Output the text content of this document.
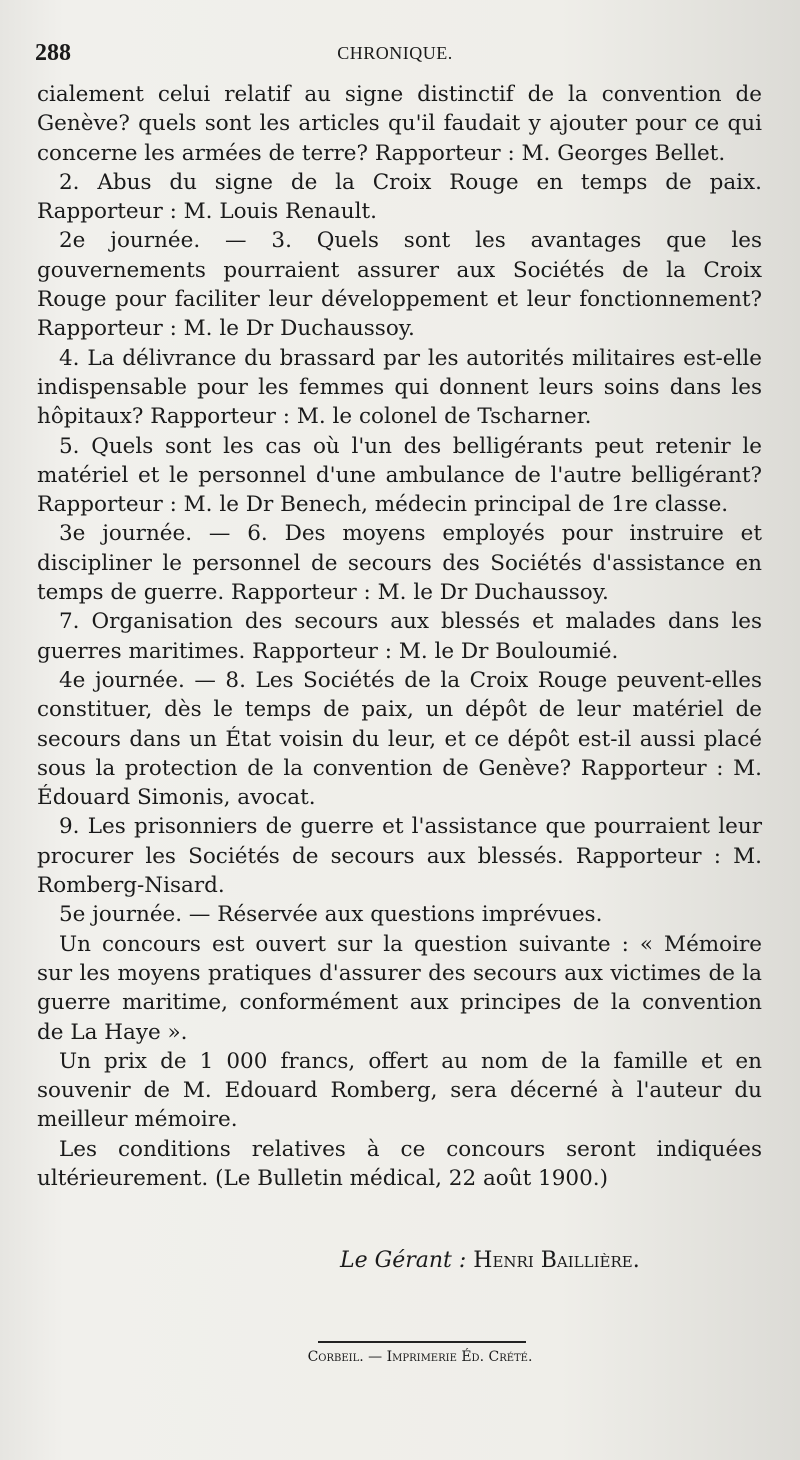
288	CHRONIQUE.

cialement celui relatif au signe distinctif de la convention de Genève? quels sont les articles qu'il faudait y ajouter pour ce qui concerne les armées de terre? Rapporteur : M. Georges Bellet.

2. Abus du signe de la Croix Rouge en temps de paix. Rapporteur : M. Louis Renault.

2e journée. — 3. Quels sont les avantages que les gouvernements pourraient assurer aux Sociétés de la Croix Rouge pour faciliter leur développement et leur fonctionnement? Rapporteur : M. le Dr Duchaussoy.

4. La délivrance du brassard par les autorités militaires est-elle indispensable pour les femmes qui donnent leurs soins dans les hôpitaux? Rapporteur : M. le colonel de Tscharner.

5. Quels sont les cas où l'un des belligérants peut retenir le matériel et le personnel d'une ambulance de l'autre belligérant? Rapporteur : M. le Dr Benech, médecin principal de 1re classe.

3e journée. — 6. Des moyens employés pour instruire et discipliner le personnel de secours des Sociétés d'assistance en temps de guerre. Rapporteur : M. le Dr Duchaussoy.

7. Organisation des secours aux blessés et malades dans les guerres maritimes. Rapporteur : M. le Dr Bouloumié.

4e journée. — 8. Les Sociétés de la Croix Rouge peuvent-elles constituer, dès le temps de paix, un dépôt de leur matériel de secours dans un État voisin du leur, et ce dépôt est-il aussi placé sous la protection de la convention de Genève? Rapporteur : M. Édouard Simonis, avocat.

9. Les prisonniers de guerre et l'assistance que pourraient leur procurer les Sociétés de secours aux blessés. Rapporteur : M. Romberg-Nisard.

5e journée. — Réservée aux questions imprévues.

Un concours est ouvert sur la question suivante : « Mémoire sur les moyens pratiques d'assurer des secours aux victimes de la guerre maritime, conformément aux principes de la convention de La Haye ».

Un prix de 1 000 francs, offert au nom de la famille et en souvenir de M. Edouard Romberg, sera décerné à l'auteur du meilleur mémoire.

Les conditions relatives à ce concours seront indiquées ultérieurement. (Le Bulletin médical, 22 août 1900.)

Le Gérant : Henri Baillière.
Corbeil. — Imprimerie Éd. Crété.
